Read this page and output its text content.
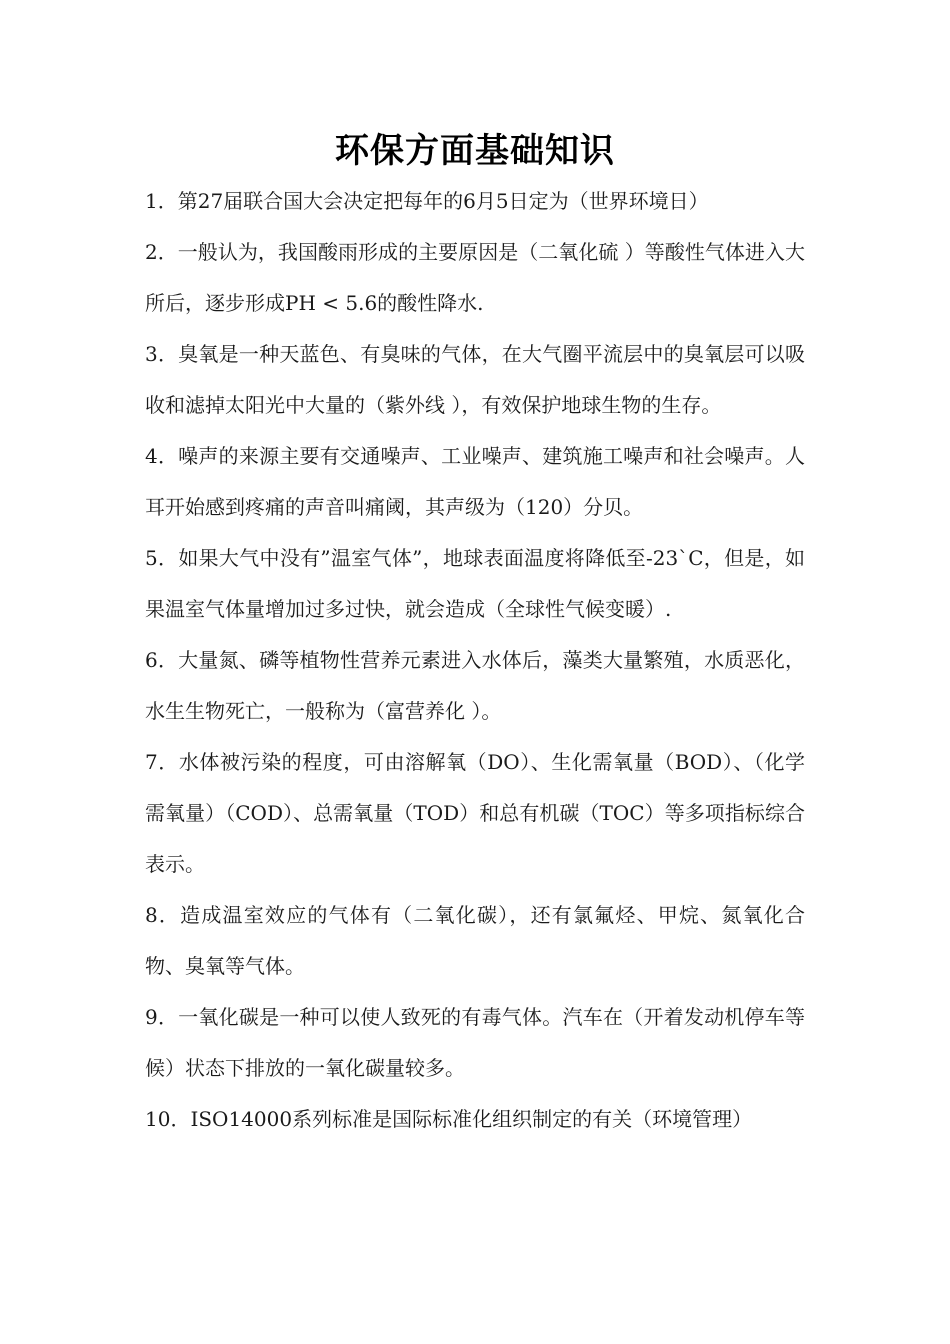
环保方面基础知识

1．第27届联合国大会决定把每年的6月5日定为（世界环境日）

2．一般认为，我国酸雨形成的主要原因是（二氧化硫 ）等酸性气体进入大所后，逐步形成PH < 5.6的酸性降水.

3．臭氧是一种天蓝色、有臭味的气体，在大气圈平流层中的臭氧层可以吸收和滤掉太阳光中大量的（紫外线 ），有效保护地球生物的生存。

4．噪声的来源主要有交通噪声、工业噪声、建筑施工噪声和社会噪声。人耳开始感到疼痛的声音叫痛阈，其声级为（120）分贝。

5．如果大气中没有”温室气体”，地球表面温度将降低至-23`C，但是，如果温室气体量增加过多过快，就会造成（全球性气候变暖）.

6．大量氮、磷等植物性营养元素进入水体后，藻类大量繁殖，水质恶化，水生生物死亡，一般称为（富营养化 ）。

7．水体被污染的程度，可由溶解氧（DO）、生化需氧量（BOD）、（化学需氧量）（COD）、总需氧量（TOD）和总有机碳（TOC）等多项指标综合表示。

8．造成温室效应的气体有（二氧化碳），还有氯氟烃、甲烷、氮氧化合物、臭氧等气体。

9．一氧化碳是一种可以使人致死的有毒气体。汽车在（开着发动机停车等候）状态下排放的一氧化碳量较多。

10．ISO14000系列标准是国际标准化组织制定的有关（环境管理）
